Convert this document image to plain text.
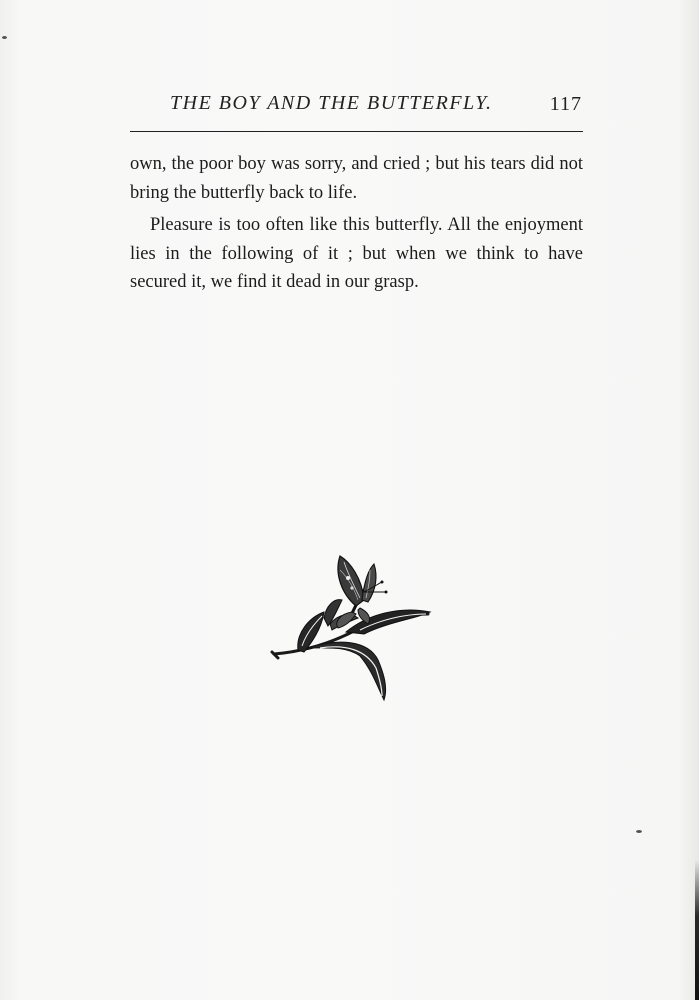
THE BOY AND THE BUTTERFLY.	117

own, the poor boy was sorry, and cried ; but his tears did not bring the butterfly back to life.

Pleasure is too often like this butterfly. All the enjoyment lies in the following of it ; but when we think to have secured it, we find it dead in our grasp.
